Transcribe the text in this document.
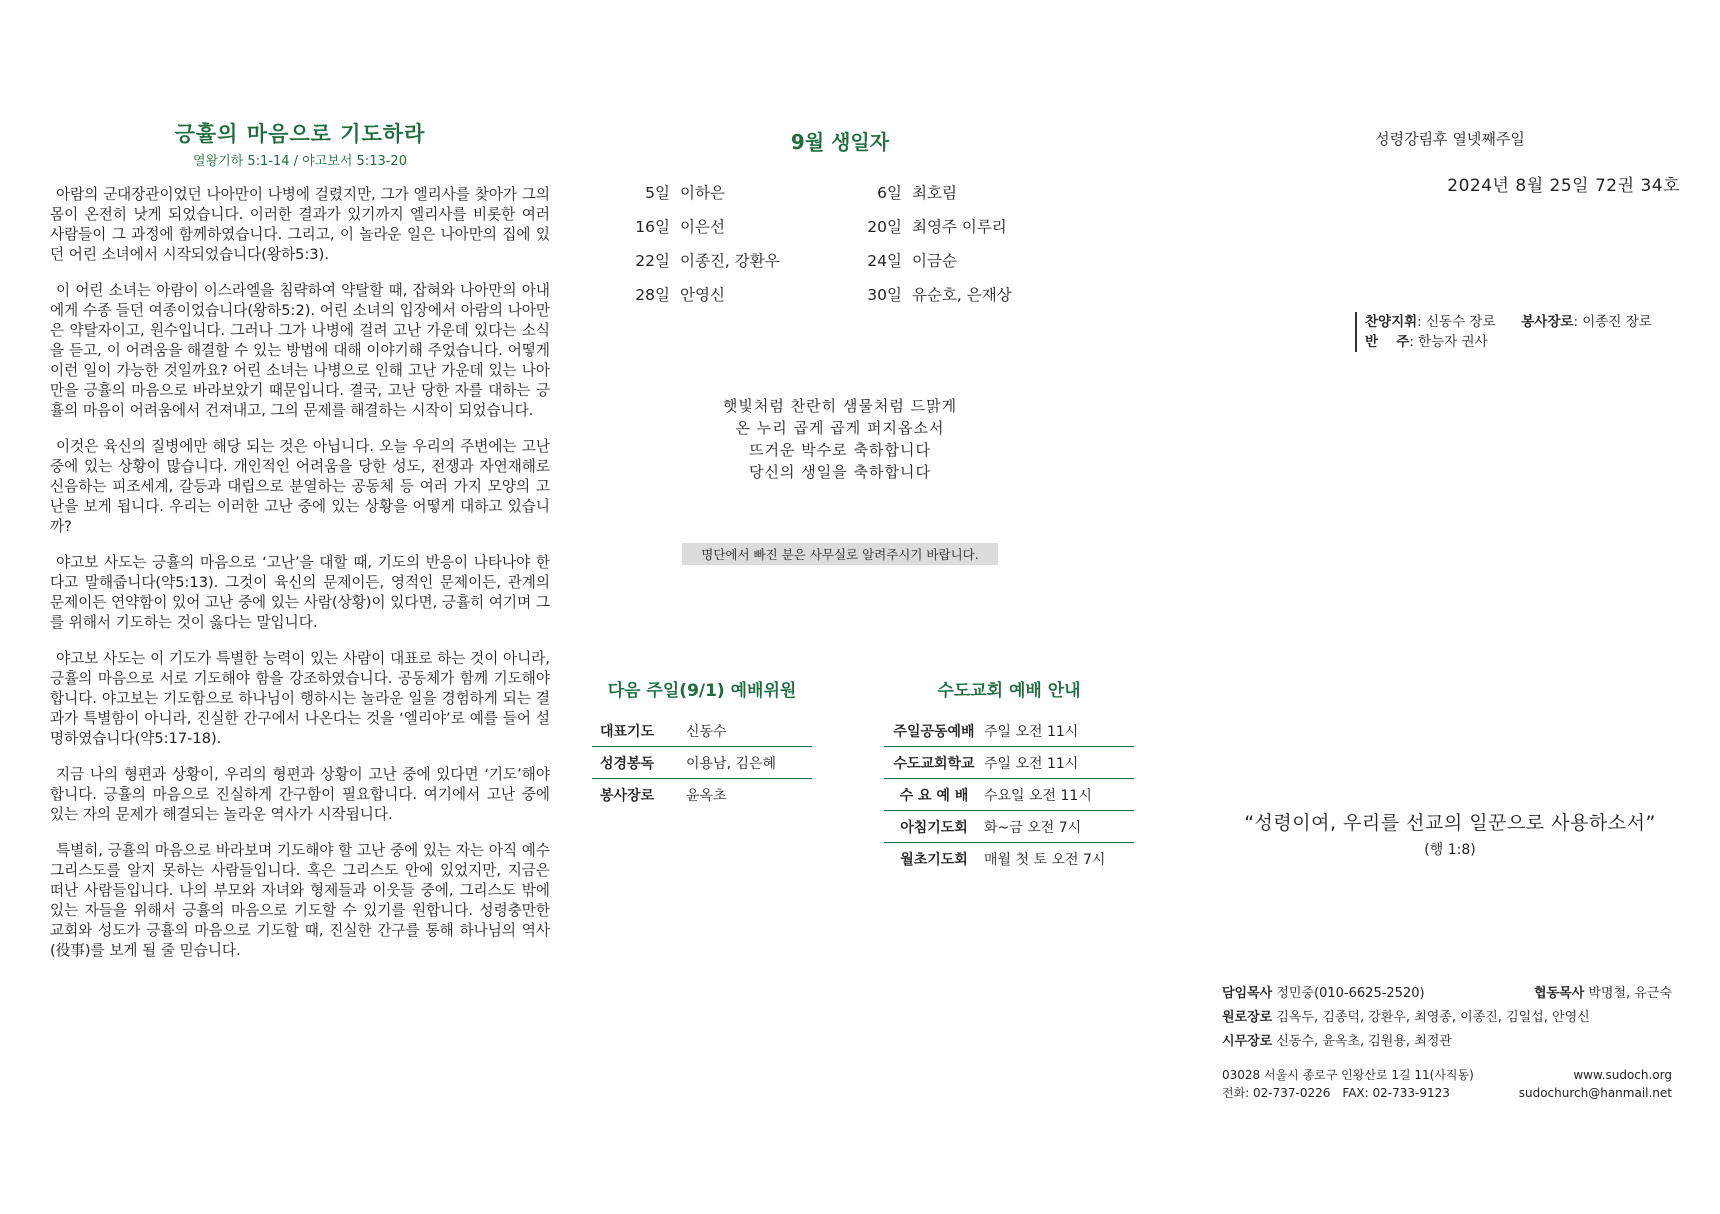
긍휼의 마음으로 기도하라
열왕기하 5:1-14 / 야고보서 5:13-20

아람의 군대장관이었던 나아만이 나병에 걸렸지만, 그가 엘리사를 찾아가 그의 몸이 온전히 낫게 되었습니다. 이러한 결과가 있기까지 엘리사를 비롯한 여러 사람들이 그 과정에 함께하였습니다. 그리고, 이 놀라운 일은 나아만의 집에 있던 어린 소녀에서 시작되었습니다(왕하5:3).

이 어린 소녀는 아람이 이스라엘을 침략하여 약탈할 때, 잡혀와 나아만의 아내에게 수종 들던 여종이었습니다(왕하5:2). 어린 소녀의 입장에서 아람의 나아만은 약탈자이고, 원수입니다. 그러나 그가 나병에 걸려 고난 가운데 있다는 소식을 듣고, 이 어려움을 해결할 수 있는 방법에 대해 이야기해 주었습니다. 어떻게 이런 일이 가능한 것일까요? 어린 소녀는 나병으로 인해 고난 가운데 있는 나아만을 긍휼의 마음으로 바라보았기 때문입니다. 결국, 고난 당한 자를 대하는 긍휼의 마음이 어려움에서 건져내고, 그의 문제를 해결하는 시작이 되었습니다.

이것은 육신의 질병에만 해당 되는 것은 아닙니다. 오늘 우리의 주변에는 고난 중에 있는 상황이 많습니다. 개인적인 어려움을 당한 성도, 전쟁과 자연재해로 신음하는 피조세계, 갈등과 대립으로 분열하는 공동체 등 여러 가지 모양의 고난을 보게 됩니다. 우리는 이러한 고난 중에 있는 상황을 어떻게 대하고 있습니까?

야고보 사도는 긍휼의 마음으로 ‘고난’을 대할 때, 기도의 반응이 나타나야 한다고 말해줍니다(약5:13). 그것이 육신의 문제이든, 영적인 문제이든, 관계의 문제이든 연약함이 있어 고난 중에 있는 사람(상황)이 있다면, 긍휼히 여기며 그를 위해서 기도하는 것이 옳다는 말입니다.

야고보 사도는 이 기도가 특별한 능력이 있는 사람이 대표로 하는 것이 아니라, 긍휼의 마음으로 서로 기도해야 함을 강조하였습니다. 공동체가 함께 기도해야 합니다. 야고보는 기도함으로 하나님이 행하시는 놀라운 일을 경험하게 되는 결과가 특별함이 아니라, 진실한 간구에서 나온다는 것을 ‘엘리야’로 예를 들어 설명하였습니다(약5:17-18).

지금 나의 형편과 상황이, 우리의 형편과 상황이 고난 중에 있다면 ‘기도’해야 합니다. 긍휼의 마음으로 진실하게 간구함이 필요합니다. 여기에서 고난 중에 있는 자의 문제가 해결되는 놀라운 역사가 시작됩니다.

특별히, 긍휼의 마음으로 바라보며 기도해야 할 고난 중에 있는 자는 아직 예수그리스도를 알지 못하는 사람들입니다. 혹은 그리스도 안에 있었지만, 지금은 떠난 사람들입니다. 나의 부모와 자녀와 형제들과 이웃들 중에, 그리스도 밖에 있는 자들을 위해서 긍휼의 마음으로 기도할 수 있기를 원합니다. 성령충만한 교회와 성도가 긍휼의 마음으로 기도할 때, 진실한 간구를 통해 하나님의 역사(役事)를 보게 될 줄 믿습니다.

9월 생일자
5일 이하은	6일 최호림
16일 이은선	20일 최영주 이루리
22일 이종진, 강환우	24일 이금순
28일 안영신	30일 유순호, 은재상
햇빛처럼 찬란히 샘물처럼 드맑게
온 누리 곱게 곱게 퍼지옵소서
뜨거운 박수로 축하합니다
당신의 생일을 축하합니다
명단에서 빠진 분은 사무실로 알려주시기 바랍니다.
다음 주일(9/1) 예배위원
대표기도	신동수
성경봉독	이용남, 김은혜
봉사장로	윤옥초
수도교회 예배 안내
주일공동예배 주일 오전 11시
수도교회학교 주일 오전 11시
수 요 예 배	수요일 오전 11시
아침기도회	화~금 오전 7시
월초기도회	매월 첫 토 오전 7시
성령강림후 열넷째주일
2024년 8월 25일 72권 34호
찬양지휘: 신동수 장로 봉사장로: 이종진 장로
반　 주: 한능자 권사
“성령이여, 우리를 선교의 일꾼으로 사용하소서”
(행 1:8)
담임목사 정민중(010-6625-2520)	협동목사 박명철, 유근숙
원로장로 김옥두, 김종덕, 강환우, 최영종, 이종진, 김일섭, 안영신
시무장로 신동수, 윤옥초, 김원용, 최정관
03028 서울시 종로구 인왕산로 1길 11(사직동)	www.sudoch.org
전화: 02-737-0226　FAX: 02-733-9123	sudochurch@hanmail.net
